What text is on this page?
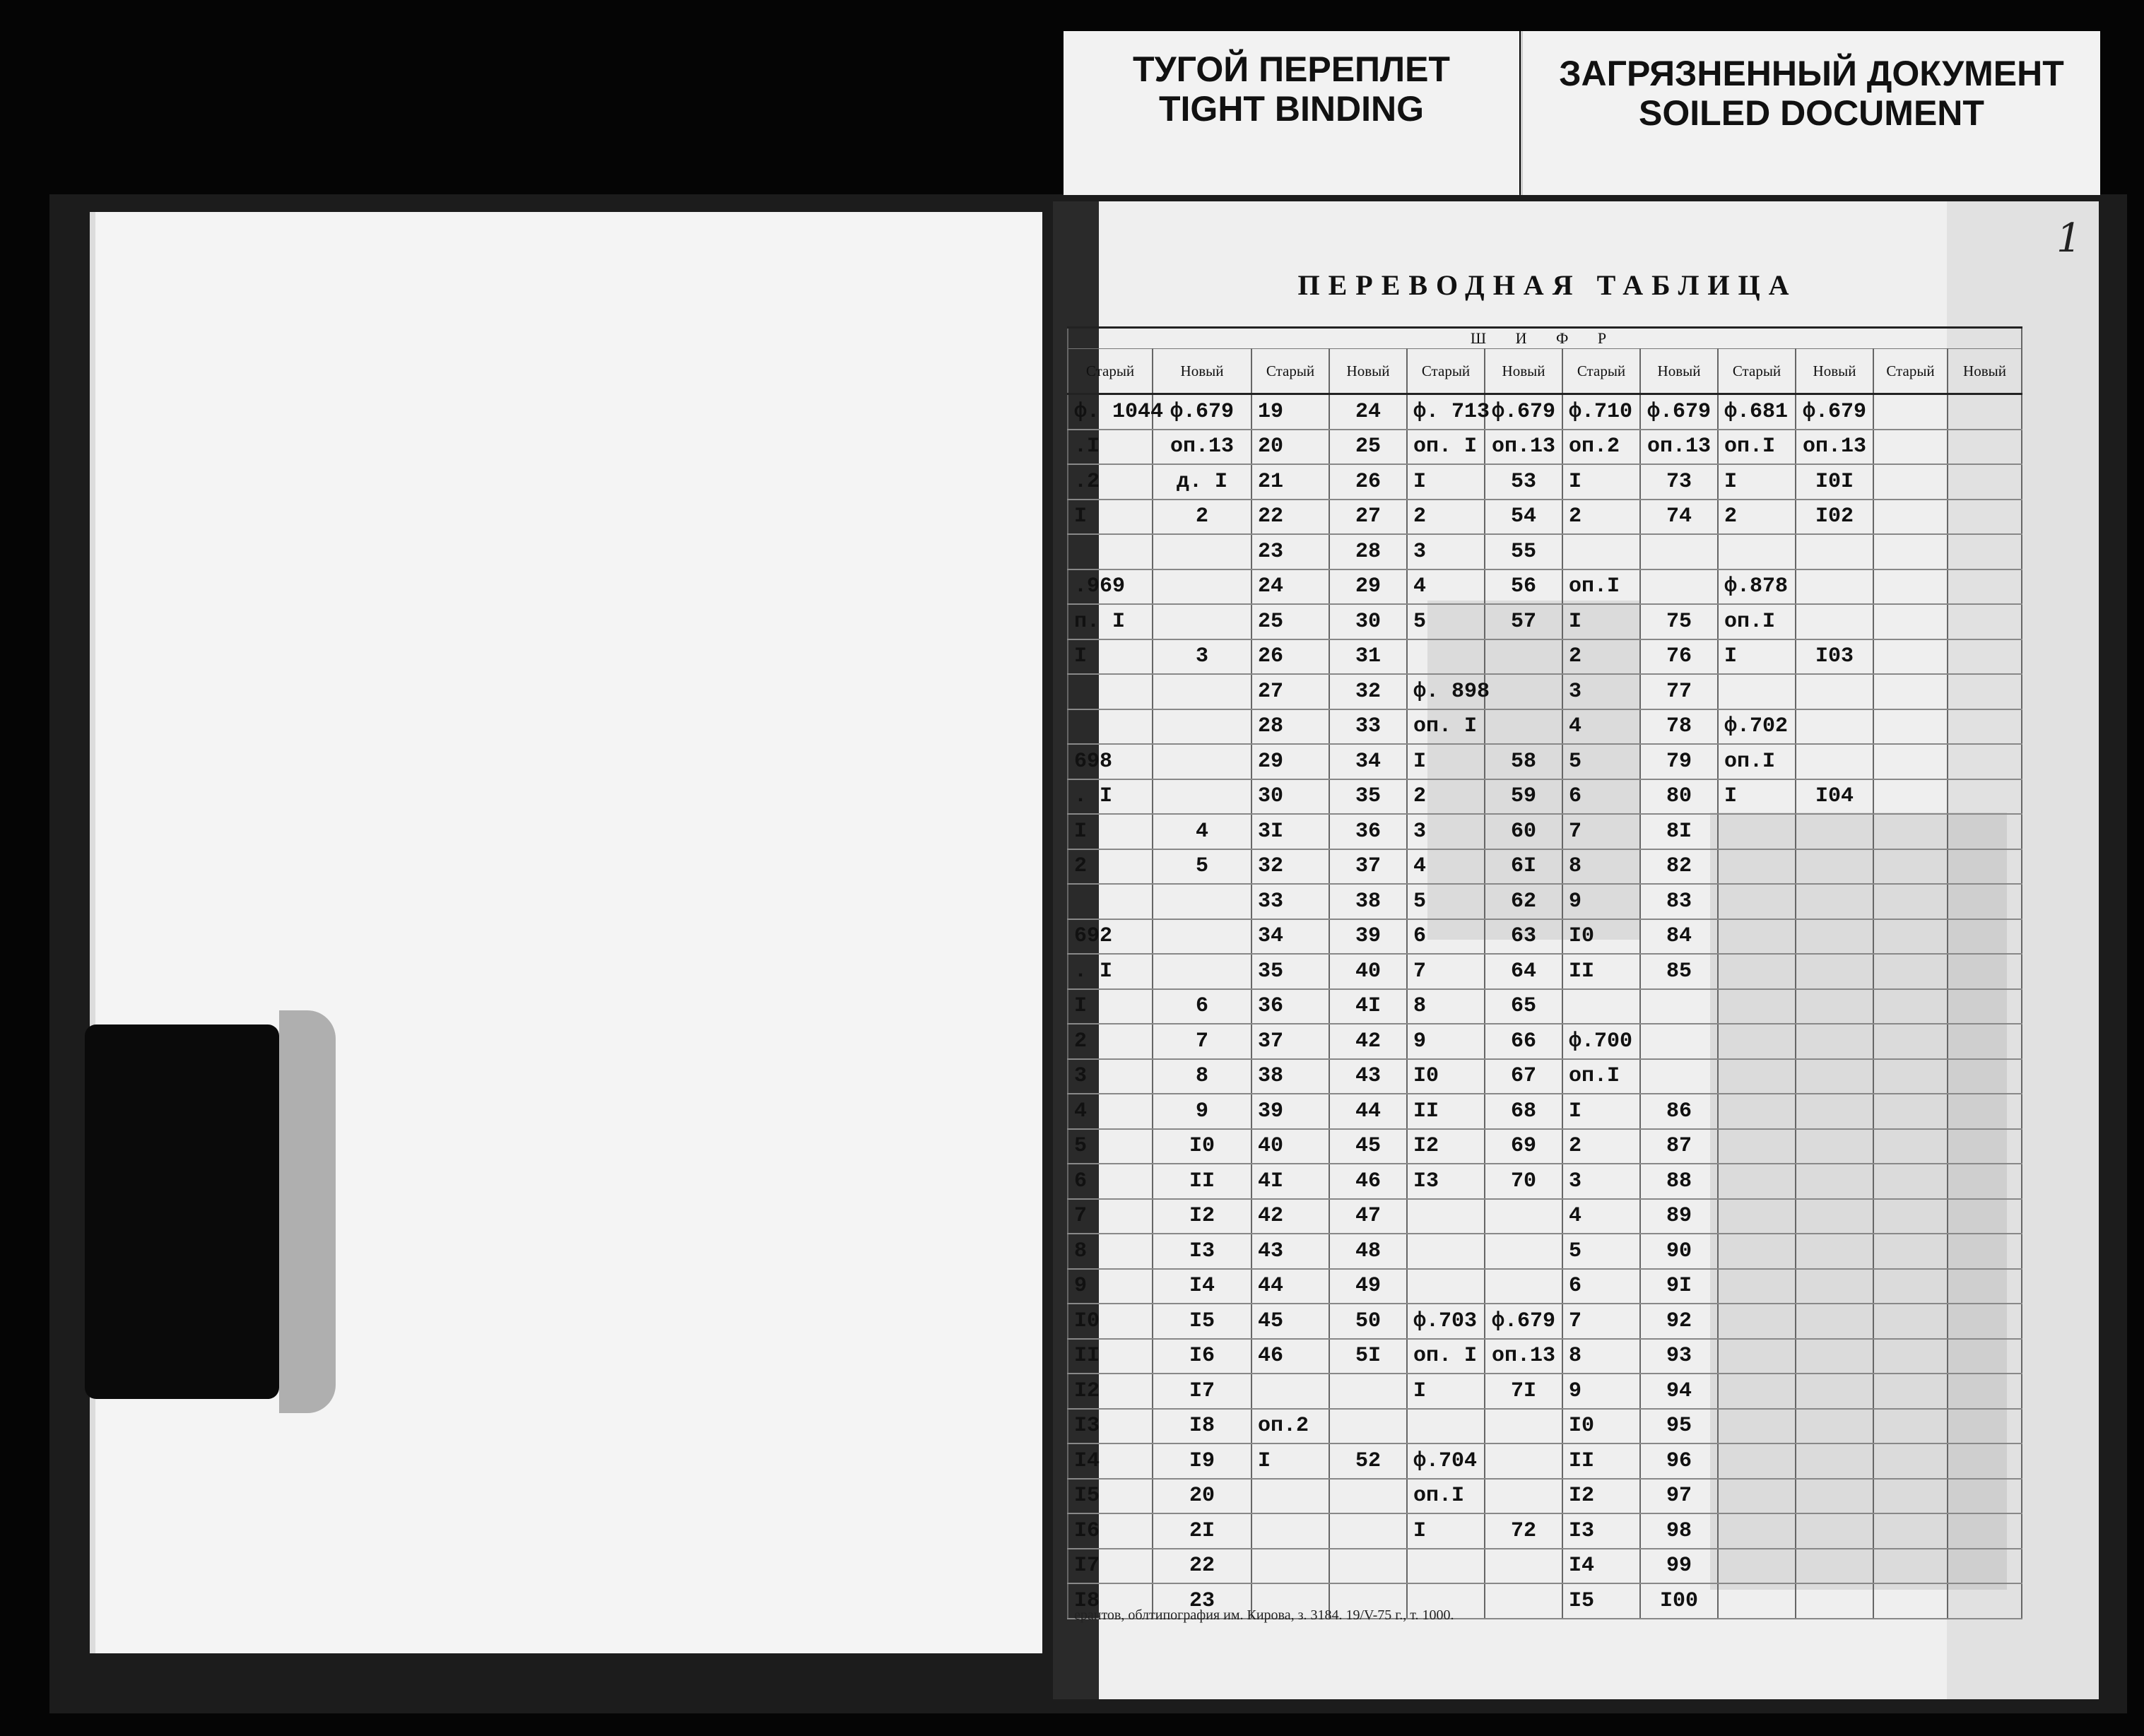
ТУГОЙ ПЕРЕПЛЕТ
TIGHT BINDING
ЗАГРЯЗНЕННЫЙ ДОКУМЕНТ
SOILED DOCUMENT
1
ПЕРЕВОДНАЯ ТАБЛИЦА
Ш И Ф Р											
Старый	Новый	Старый	Новый	Старый	Новый	Старый	Новый	Старый	Новый	Старый	Новый
ф. 1044	ф.679	19	24	ф. 713	ф.679	ф.710	ф.679	ф.681	ф.679		
.I	оп.13	20	25	оп. I	оп.13	оп.2	оп.13	оп.I	оп.13		
.2	д. I	21	26	I	53	I	73	I	I0I		
I	2	22	27	2	54	2	74	2	I02		
		23	28	3	55						
.969		24	29	4	56	оп.I		ф.878			
п. I		25	30	5	57	I	75	оп.I			
I	3	26	31			2	76	I	I03		
		27	32	ф. 898		3	77				
		28	33	оп. I		4	78	ф.702			
698		29	34	I	58	5	79	оп.I			
. I		30	35	2	59	6	80	I	I04		
I	4	3I	36	3	60	7	8I				
2	5	32	37	4	6I	8	82				
		33	38	5	62	9	83				
692		34	39	6	63	I0	84				
. I		35	40	7	64	II	85				
I	6	36	4I	8	65						
2	7	37	42	9	66	ф.700					
3	8	38	43	I0	67	оп.I					
4	9	39	44	II	68	I	86				
5	I0	40	45	I2	69	2	87				
6	II	4I	46	I3	70	3	88				
7	I2	42	47			4	89				
8	I3	43	48			5	90				
9	I4	44	49			6	9I				
I0	I5	45	50	ф.703	ф.679	7	92				
II	I6	46	5I	оп. I	оп.13	8	93				
I2	I7			I	7I	9	94				
I3	I8	оп.2				I0	95				
I4	I9	I	52	ф.704		II	96				
I5	20			оп.I		I2	97				
I6	2I			I	72	I3	98				
I7	22					I4	99				
I8	23					I5	I00				
ерантов, облтипография им. Кирова, з. 3184. 19/V-75 г., т. 1000.
